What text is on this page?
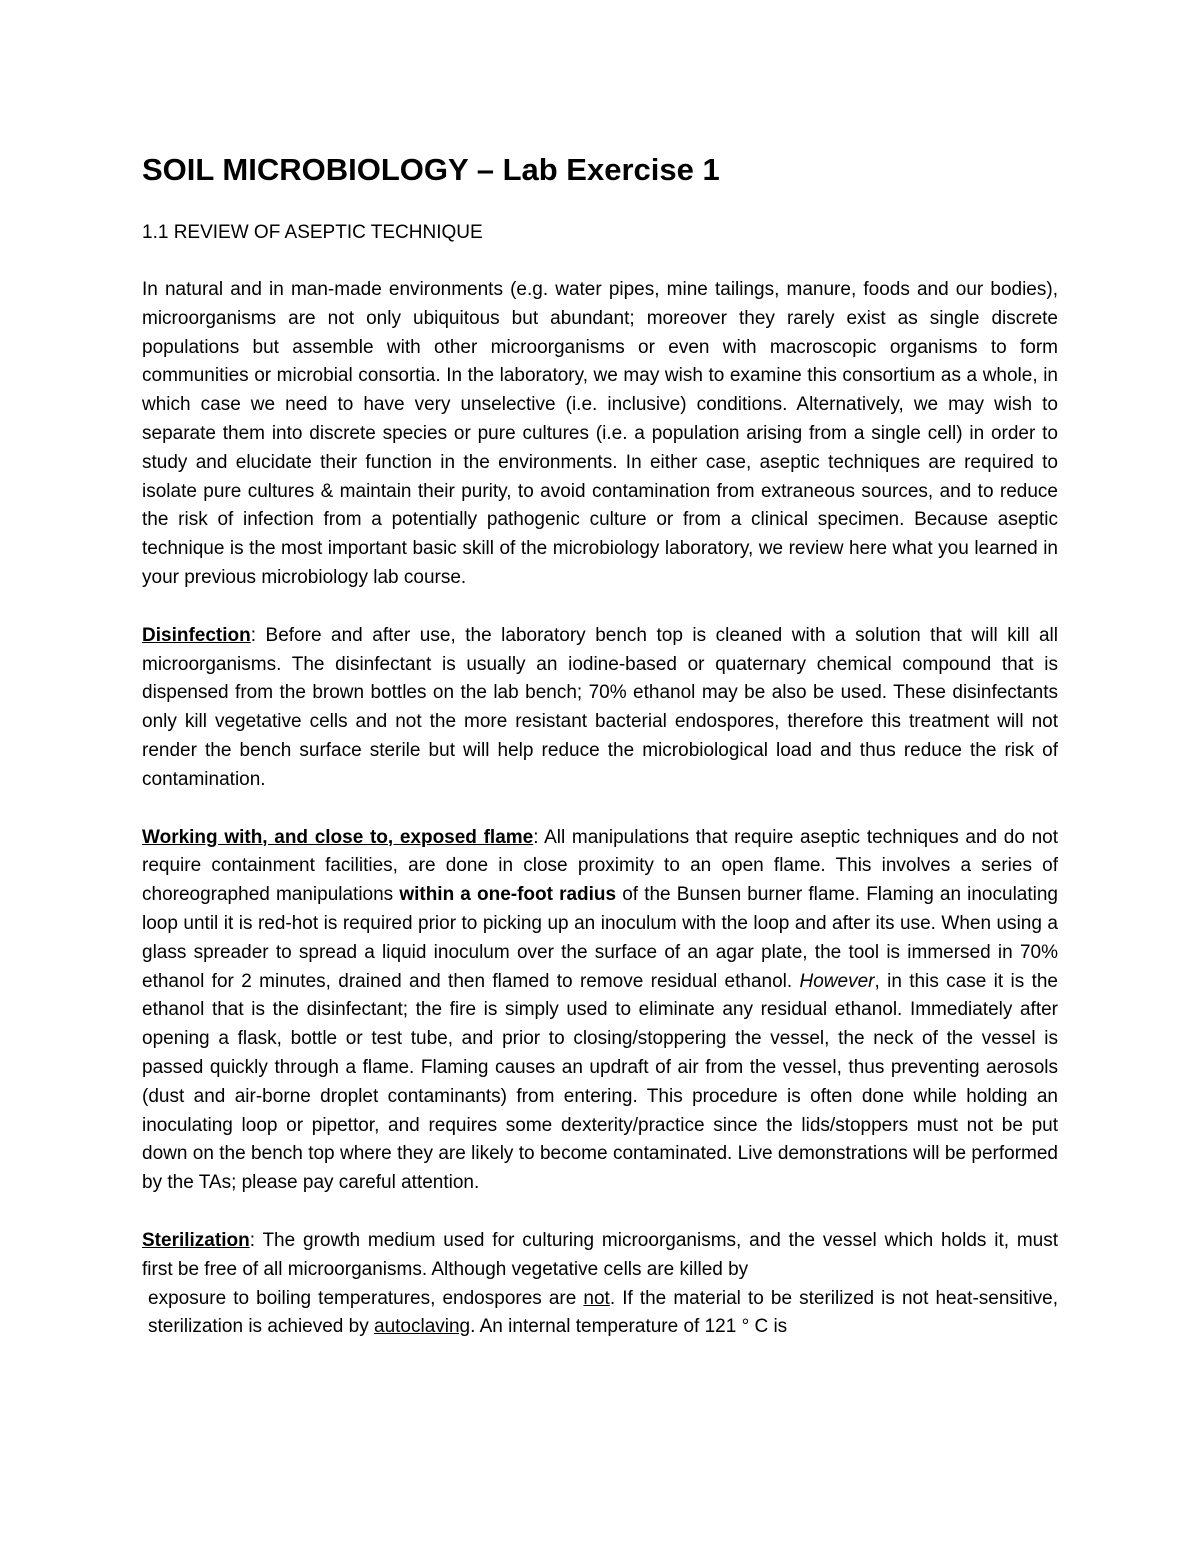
SOIL MICROBIOLOGY – Lab Exercise 1
1.1 REVIEW OF ASEPTIC TECHNIQUE

In natural and in man-made environments (e.g. water pipes, mine tailings, manure, foods and our bodies), microorganisms are not only ubiquitous but abundant; moreover they rarely exist as single discrete populations but assemble with other microorganisms or even with macroscopic organisms to form communities or microbial consortia. In the laboratory, we may wish to examine this consortium as a whole, in which case we need to have very unselective (i.e. inclusive) conditions. Alternatively, we may wish to separate them into discrete species or pure cultures (i.e. a population arising from a single cell) in order to study and elucidate their function in the environments. In either case, aseptic techniques are required to isolate pure cultures & maintain their purity, to avoid contamination from extraneous sources, and to reduce the risk of infection from a potentially pathogenic culture or from a clinical specimen. Because aseptic technique is the most important basic skill of the microbiology laboratory, we review here what you learned in your previous microbiology lab course.

Disinfection: Before and after use, the laboratory bench top is cleaned with a solution that will kill all microorganisms. The disinfectant is usually an iodine-based or quaternary chemical compound that is dispensed from the brown bottles on the lab bench; 70% ethanol may be also be used. These disinfectants only kill vegetative cells and not the more resistant bacterial endospores, therefore this treatment will not render the bench surface sterile but will help reduce the microbiological load and thus reduce the risk of contamination.

Working with, and close to, exposed flame: All manipulations that require aseptic techniques and do not require containment facilities, are done in close proximity to an open flame. This involves a series of choreographed manipulations within a one-foot radius of the Bunsen burner flame. Flaming an inoculating loop until it is red-hot is required prior to picking up an inoculum with the loop and after its use. When using a glass spreader to spread a liquid inoculum over the surface of an agar plate, the tool is immersed in 70% ethanol for 2 minutes, drained and then flamed to remove residual ethanol. However, in this case it is the ethanol that is the disinfectant; the fire is simply used to eliminate any residual ethanol. Immediately after opening a flask, bottle or test tube, and prior to closing/stoppering the vessel, the neck of the vessel is passed quickly through a flame. Flaming causes an updraft of air from the vessel, thus preventing aerosols (dust and air-borne droplet contaminants) from entering. This procedure is often done while holding an inoculating loop or pipettor, and requires some dexterity/practice since the lids/stoppers must not be put down on the bench top where they are likely to become contaminated. Live demonstrations will be performed by the TAs; please pay careful attention.

Sterilization: The growth medium used for culturing microorganisms, and the vessel which holds it, must first be free of all microorganisms. Although vegetative cells are killed by
exposure to boiling temperatures, endospores are not. If the material to be sterilized is not heat-sensitive, sterilization is achieved by autoclaving. An internal temperature of 121 ° C is
